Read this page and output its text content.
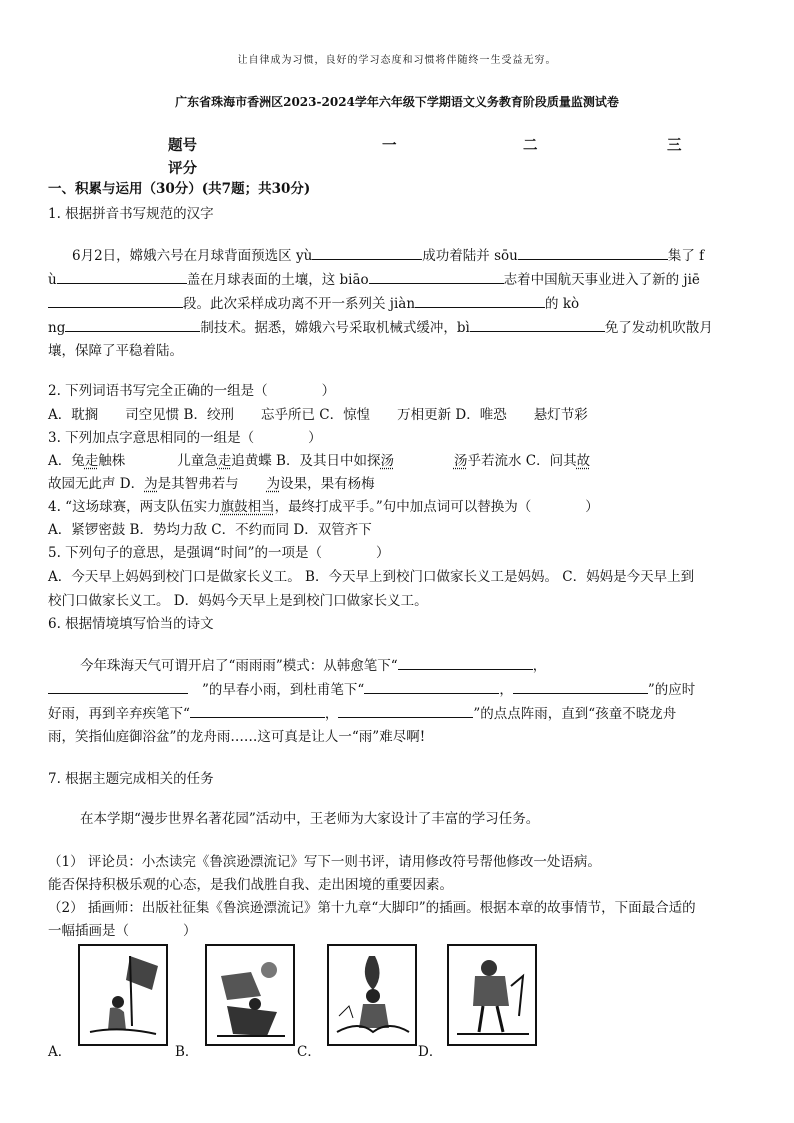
让自律成为习惯，良好的学习态度和习惯将伴随终一生受益无穷。
广东省珠海市香洲区2023-2024学年六年级下学期语文义务教育阶段质量监测试卷
题号	一	二	三
评分
一、积累与运用（30分）(共7题；共30分)
1. 根据拼音书写规范的汉字
6月2日，嫦娥六号在月球背面预选区 yù	成功着陆并 sōu	集了 f
ù	盖在月球表面的土壤，这 biāo	志着中国航天事业进入了新的 jiē
段。此次采样成功离不开一系列关 jiàn	的 kò
ng	制技术。据悉，嫦娥六号采取机械式缓冲，bì	免了发动机吹散月
壤，保障了平稳着陆。
2. 下列词语书写完全正确的一组是（　　　　）
A．耽搁　　司空见惯 B．绞刑　　忘乎所已 C．惊惶　　万相更新 D．唯恐　　悬灯节彩
3. 下列加点字意思相同的一组是（　　　　）
A．兔走触株	儿童急走追黄蝶 B．及其日中如探汤	汤乎若流水 C．问其故
故园无此声 D．为是其智弗若与 为设果，果有杨梅
4. “这场球赛，两支队伍实力旗鼓相当，最终打成平手。”句中加点词可以替换为（　　　　）
A．紧锣密鼓 B．势均力敌 C．不约而同 D．双管齐下
5. 下列句子的意思，是强调“时间”的一项是（　　　　）
A．今天早上妈妈到校门口是做家长义工。 B．今天早上到校门口做家长义工是妈妈。 C．妈妈是今天早上到
校门口做家长义工。 D．妈妈今天早上是到校门口做家长义工。
6. 根据情境填写恰当的诗文
今年珠海天气可谓开启了“雨雨雨”模式：从韩愈笔下“	，
”的早春小雨，到杜甫笔下“	，	”的应时
好雨，再到辛弃疾笔下“	，	”的点点阵雨，直到“孩童不晓龙舟
雨，笑指仙庭御浴盆”的龙舟雨……这可真是让人一“雨”难尽啊!
7. 根据主题完成相关的任务
在本学期“漫步世界名著花园”活动中，王老师为大家设计了丰富的学习任务。
（1） 评论员：小杰读完《鲁滨逊漂流记》写下一则书评，请用修改符号帮他修改一处语病。
能否保持积极乐观的心态，是我们战胜自我、走出困境的重要因素。
（2） 插画师：出版社征集《鲁滨逊漂流记》第十九章“大脚印”的插画。根据本章的故事情节，下面最合适的
一幅插画是（　　　　）
A．	B．	C．	D．
